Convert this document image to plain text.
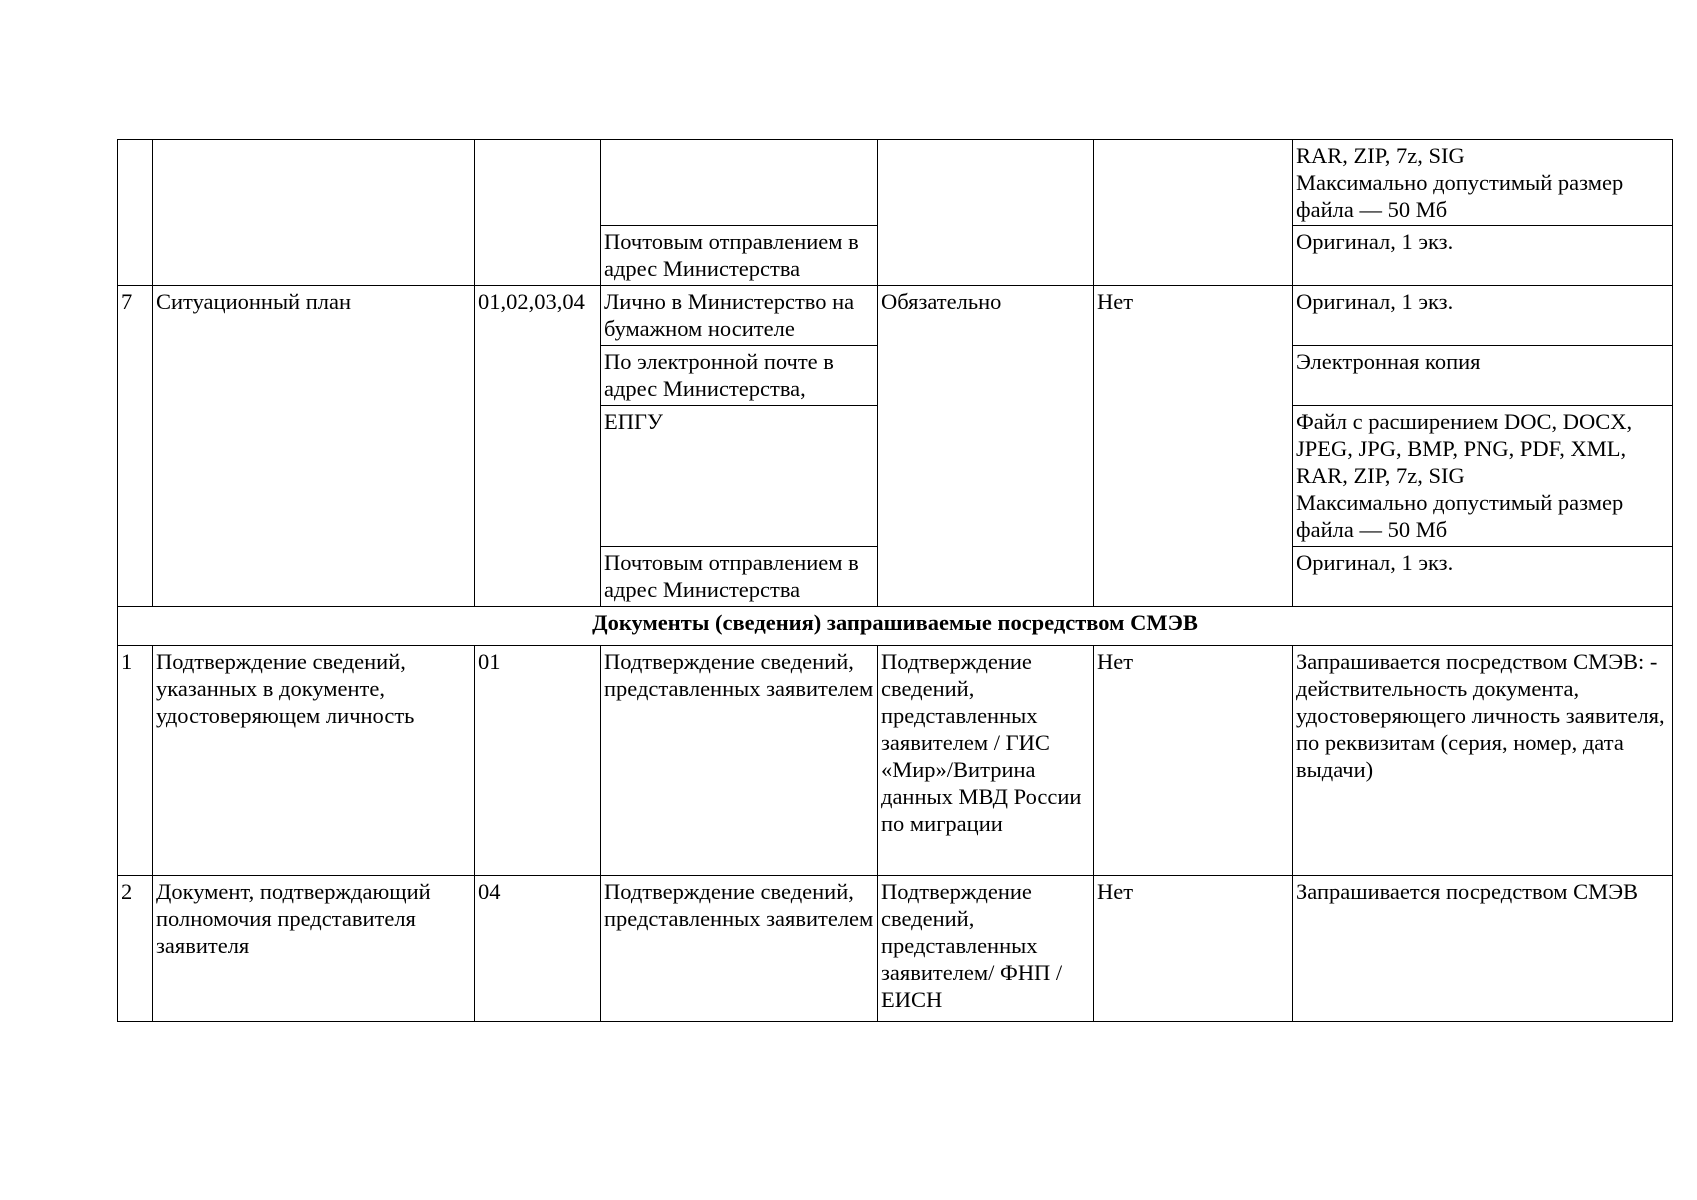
						RAR, ZIP, 7z, SIG
Максимально допустимый размер файла — 50 Мб
			Почтовым отправлением в адрес Министерства			Оригинал, 1 экз.
7	Ситуационный план	01,02,03,04	Лично в Министерство на бумажном носителе	Обязательно	Нет	Оригинал, 1 экз.
			По электронной почте в адрес Министерства,			Электронная копия
			ЕПГУ			Файл с расширением DOC, DOCX, JPEG, JPG, BMP, PNG, PDF, XML, RAR, ZIP, 7z, SIG
Максимально допустимый размер файла — 50 Мб
			Почтовым отправлением в адрес Министерства			Оригинал, 1 экз.
Документы (сведения) запрашиваемые посредством СМЭВ						
1	Подтверждение сведений, указанных в документе, удостоверяющем личность	01	Подтверждение сведений, представленных заявителем	Подтверждение сведений, представленных заявителем / ГИС «Мир»/Витрина данных МВД России по миграции	Нет	Запрашивается посредством СМЭВ: - действительность документа, удостоверяющего личность заявителя, по реквизитам (серия, номер, дата выдачи)
2	Документ, подтверждающий полномочия представителя заявителя	04	Подтверждение сведений, представленных заявителем	Подтверждение сведений, представленных заявителем/ ФНП / ЕИСН	Нет	Запрашивается посредством СМЭВ
